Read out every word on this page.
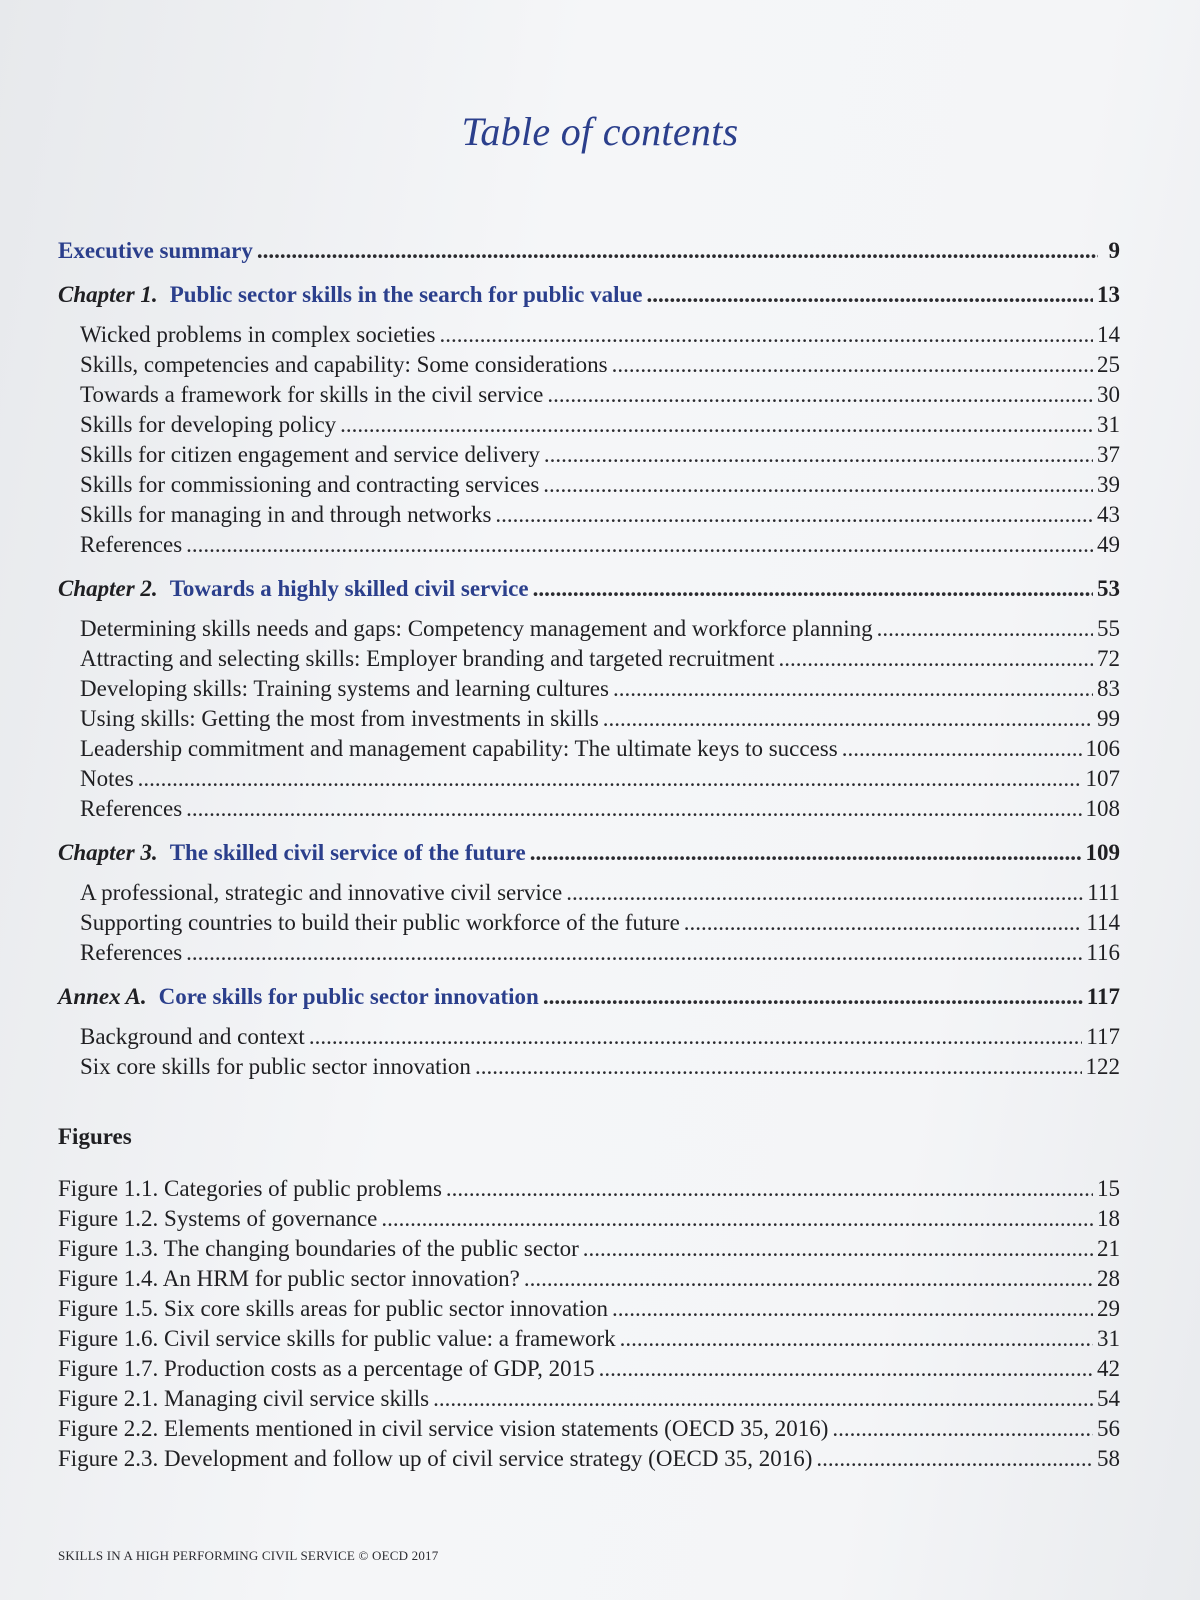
Table of contents
Executive summary .....	9
Chapter 1. Public sector skills in the search for public value .....	13
Wicked problems in complex societies .....	14
Skills, competencies and capability: Some considerations .....	25
Towards a framework for skills in the civil service .....	30
Skills for developing policy .....	31
Skills for citizen engagement and service delivery .....	37
Skills for commissioning and contracting services .....	39
Skills for managing in and through networks .....	43
References .....	49
Chapter 2. Towards a highly skilled civil service .....	53
Determining skills needs and gaps: Competency management and workforce planning .....	55
Attracting and selecting skills: Employer branding and targeted recruitment .....	72
Developing skills: Training systems and learning cultures .....	83
Using skills: Getting the most from investments in skills .....	99
Leadership commitment and management capability: The ultimate keys to success .....	106
Notes .....	107
References .....	108
Chapter 3. The skilled civil service of the future .....	109
A professional, strategic and innovative civil service .....	111
Supporting countries to build their public workforce of the future .....	114
References .....	116
Annex A. Core skills for public sector innovation .....	117
Background and context .....	117
Six core skills for public sector innovation .....	122
Figures
Figure 1.1. Categories of public problems .....	15
Figure 1.2. Systems of governance .....	18
Figure 1.3. The changing boundaries of the public sector .....	21
Figure 1.4. An HRM for public sector innovation? .....	28
Figure 1.5. Six core skills areas for public sector innovation .....	29
Figure 1.6. Civil service skills for public value: a framework .....	31
Figure 1.7. Production costs as a percentage of GDP, 2015 .....	42
Figure 2.1. Managing civil service skills .....	54
Figure 2.2. Elements mentioned in civil service vision statements (OECD 35, 2016) .....	56
Figure 2.3. Development and follow up of civil service strategy (OECD 35, 2016) .....	58
SKILLS IN A HIGH PERFORMING CIVIL SERVICE © OECD 2017
